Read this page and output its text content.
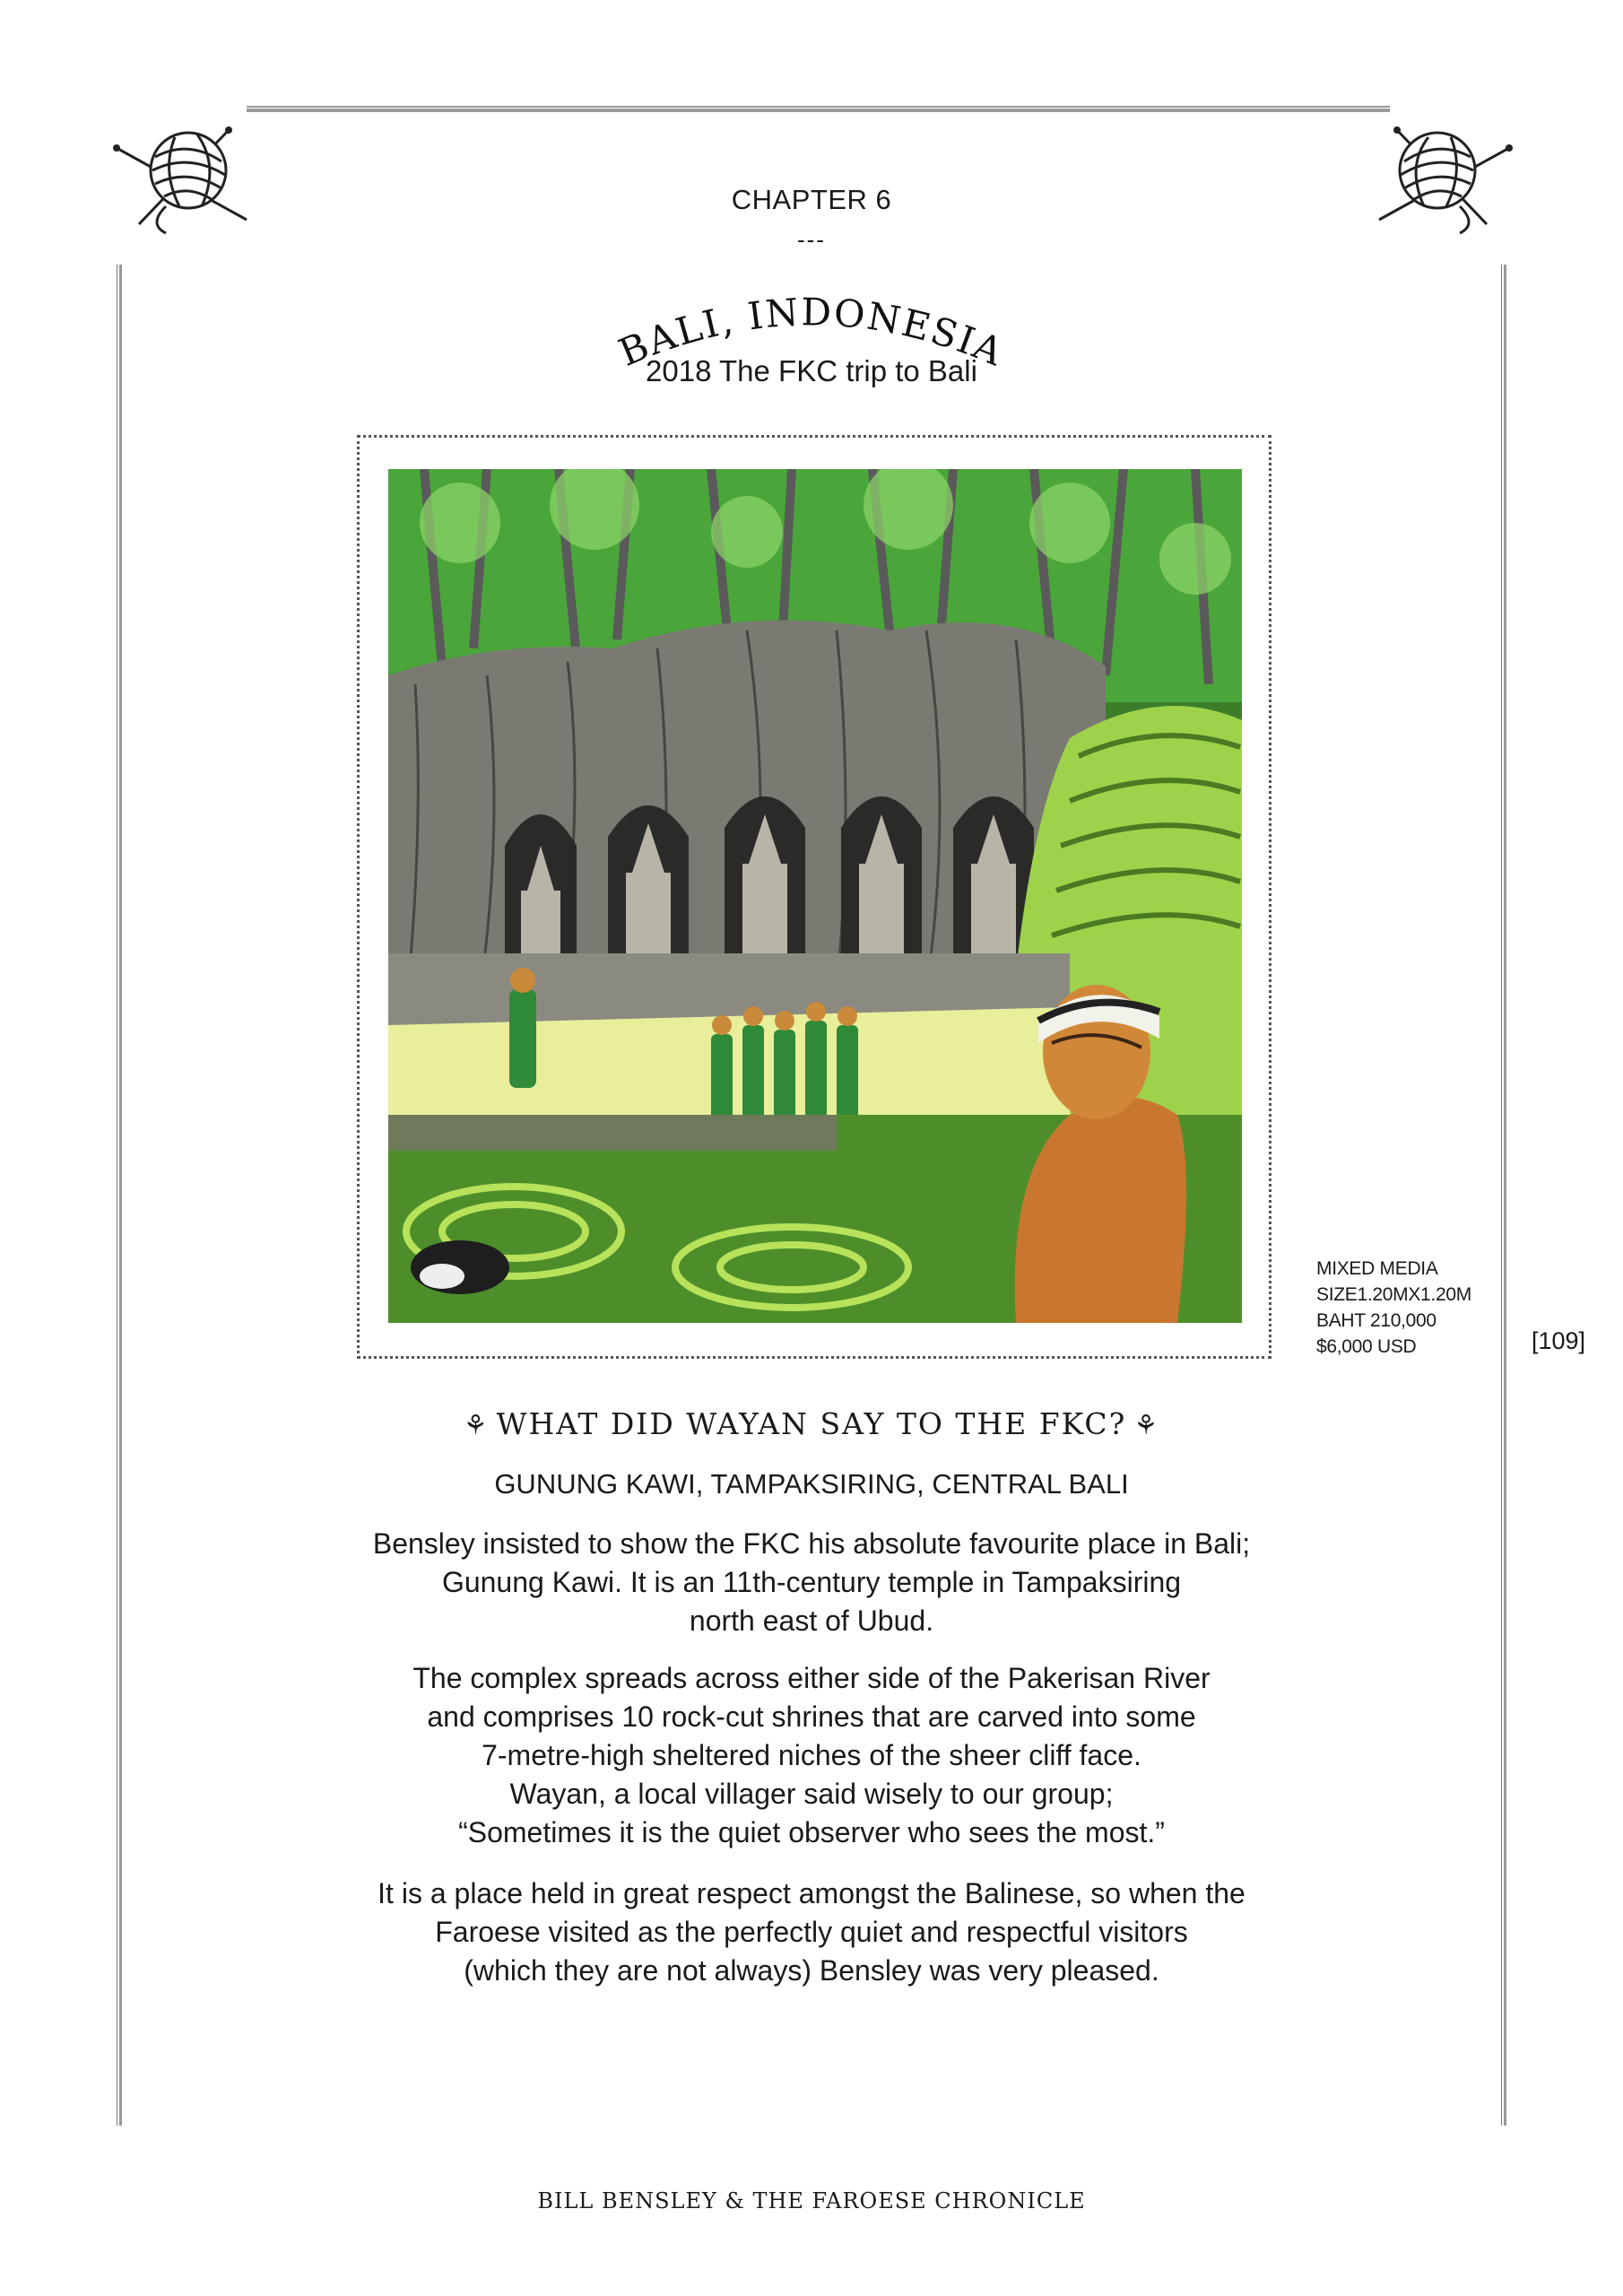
CHAPTER 6
---
BALI, INDONESIA
2018 The FKC trip to Bali
MIXED MEDIA
SIZE1.20MX1.20M
BAHT 210,000
$6,000 USD	[109]
⚘ WHAT DID WAYAN SAY TO THE FKC? ⚘
GUNUNG KAWI, TAMPAKSIRING, CENTRAL BALI
Bensley insisted to show the FKC his absolute favourite place in Bali;
Gunung Kawi. It is an 11th-century temple in Tampaksiring
north east of Ubud.
The complex spreads across either side of the Pakerisan River
and comprises 10 rock-cut shrines that are carved into some
7-metre-high sheltered niches of the sheer cliff face.
Wayan, a local villager said wisely to our group;
“Sometimes it is the quiet observer who sees the most.”
It is a place held in great respect amongst the Balinese, so when the
Faroese visited as the perfectly quiet and respectful visitors
(which they are not always) Bensley was very pleased.
BILL BENSLEY & THE FAROESE CHRONICLE
